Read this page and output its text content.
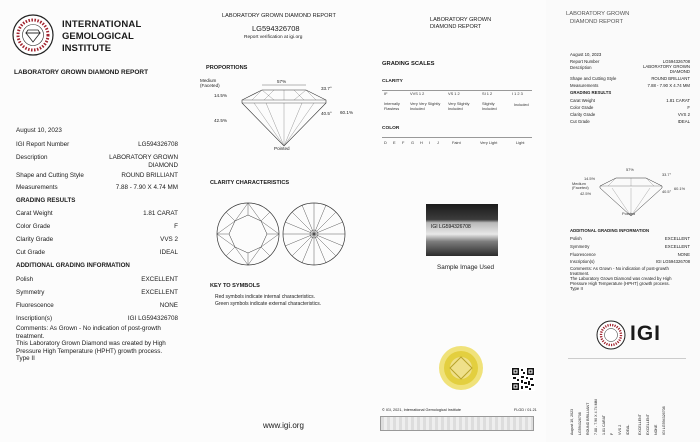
INTERNATIONAL
GEMOLOGICAL
INSTITUTE
LABORATORY GROWN DIAMOND REPORT
August 10, 2023
IGI Report Number	LG594326708
Description	LABORATORY GROWN DIAMOND
Shape and Cutting Style	ROUND BRILLIANT
Measurements	7.88 - 7.90 X 4.74 MM
GRADING RESULTS
Carat Weight	1.81 CARAT
Color Grade	F
Clarity Grade	VVS 2
Cut Grade	IDEAL
ADDITIONAL GRADING INFORMATION
Polish	EXCELLENT
Symmetry	EXCELLENT
Fluorescence	NONE
Inscription(s)	IGI LG594326708
Comments: As Grown - No indication of post-growth
treatment.
This Laboratory Grown Diamond was created by High
Pressure High Temperature (HPHT) growth process.
Type II
LABORATORY GROWN DIAMOND REPORT
LG594326708
Report verification at igi.org
PROPORTIONS
57%
33.7°
14.5%
Medium (Faceted)
42.5%
40.5° 60.1%
Pointed
CLARITY CHARACTERISTICS
KEY TO SYMBOLS
Red symbols indicate internal characteristics.
Green symbols indicate external characteristics.
www.igi.org
LABORATORY GROWN
DIAMOND REPORT
GRADING SCALES
CLARITY
IF	VVS 1 2	VS 1 2	SI 1 2	I 1 2 3
Internally Flawless
Very Very Slightly Included
Very Slightly Included
Slightly Included
Included
COLOR
D E F G H I J	Faint	Very Light	Light
IGI LG594326708
Sample Image Used
© IGI, 2021, International Gemological Institute	FLGD / 01.21
LABORATORY GROWN
DIAMOND REPORT
August 10, 2023
Report Number	LG594326708
Description	LABORATORY GROWN DIAMOND
Shape and Cutting Style	ROUND BRILLIANT
Measurements	7.88 - 7.90 X 4.74 MM
GRADING RESULTS
Carat Weight	1.81 CARAT
Color Grade	F
Clarity Grade	VVS 2
Cut Grade	IDEAL
57%
33.7°
14.5%
Medium (Faceted)
42.5%	40.5°
60.1%
Pointed
ADDITIONAL GRADING INFORMATION
Polish	EXCELLENT
Symmetry	EXCELLENT
Fluorescence	NONE
Inscription(s)	IGI LG594326708
Comments: As Grown - No indication of post-growth
treatment.
The Laboratory Grown Diamond was created by High
Pressure High Temperature (HPHT) growth process.
Type II
IGI
August 10, 2023 LG594326708 ROUND BRILLIANT 7.88 - 7.90 X 4.74 MM 1.81 CARAT F VVS 2 IDEAL EXCELLENT EXCELLENT NONE IGI LG594326708
